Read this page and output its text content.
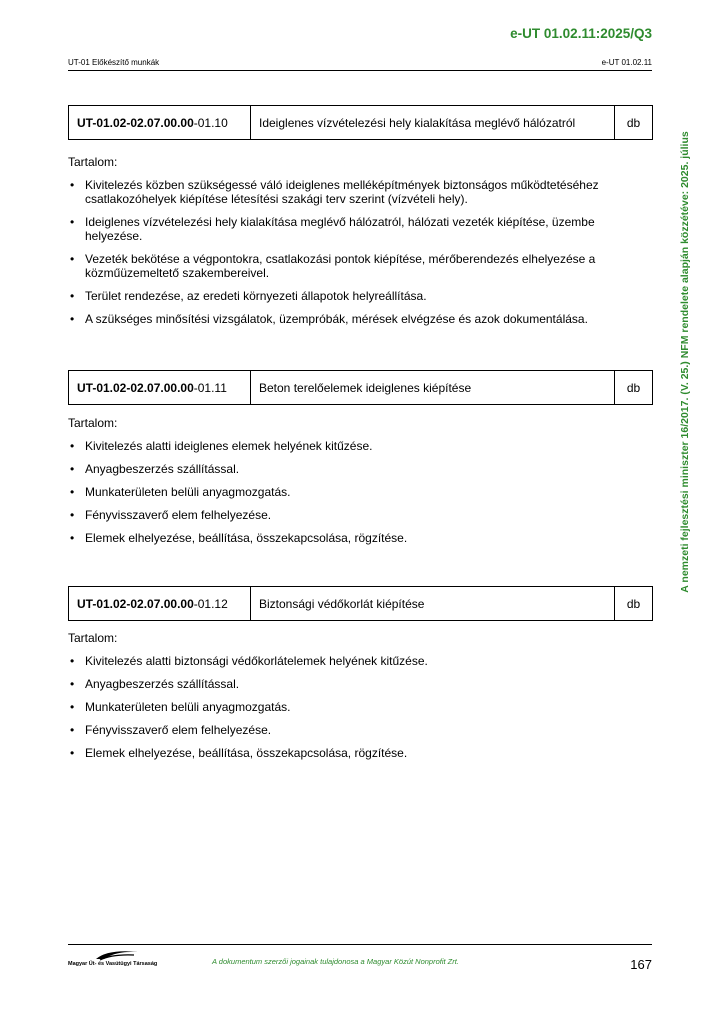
e-UT 01.02.11:2025/Q3
UT-01 Előkészítő munkák	e-UT 01.02.11
A nemzeti fejlesztési miniszter 16/2017. (V. 25.) NFM rendelete alapján közzétéve: 2025. július
UT-01.02-02.07.00.00 -01.10	Ideiglenes vízvételezési hely kialakítása meglévő hálózatról	db
Tartalom:
• Kivitelezés közben szükségessé váló ideiglenes melléképítmények biztonságos működtetéséhez csatlakozóhelyek kiépítése létesítési szakági terv szerint (vízvételi hely).
• Ideiglenes vízvételezési hely kialakítása meglévő hálózatról, hálózati vezeték kiépítése, üzembe helyezése.
• Vezeték bekötése a végpontokra, csatlakozási pontok kiépítése, mérőberendezés elhelyezése a közműüzemeltető szakembereivel.
• Terület rendezése, az eredeti környezeti állapotok helyreállítása.
• A szükséges minősítési vizsgálatok, üzempróbák, mérések elvégzése és azok dokumentálása.
UT-01.02-02.07.00.00 -01.11	Beton terelőelemek ideiglenes kiépítése	db
Tartalom:
• Kivitelezés alatti ideiglenes elemek helyének kitűzése.
• Anyagbeszerzés szállítással.
• Munkaterületen belüli anyagmozgatás.
• Fényvisszaverő elem felhelyezése.
• Elemek elhelyezése, beállítása, összekapcsolása, rögzítése.
UT-01.02-02.07.00.00 -01.12	Biztonsági védőkorlát kiépítése	db
Tartalom:
• Kivitelezés alatti biztonsági védőkorlátelemek helyének kitűzése.
• Anyagbeszerzés szállítással.
• Munkaterületen belüli anyagmozgatás.
• Fényvisszaverő elem felhelyezése.
• Elemek elhelyezése, beállítása, összekapcsolása, rögzítése.
Magyar Út- és Vasútügyi Társaság	A dokumentum szerzői jogainak tulajdonosa a Magyar Közút Nonprofit Zrt.	167
